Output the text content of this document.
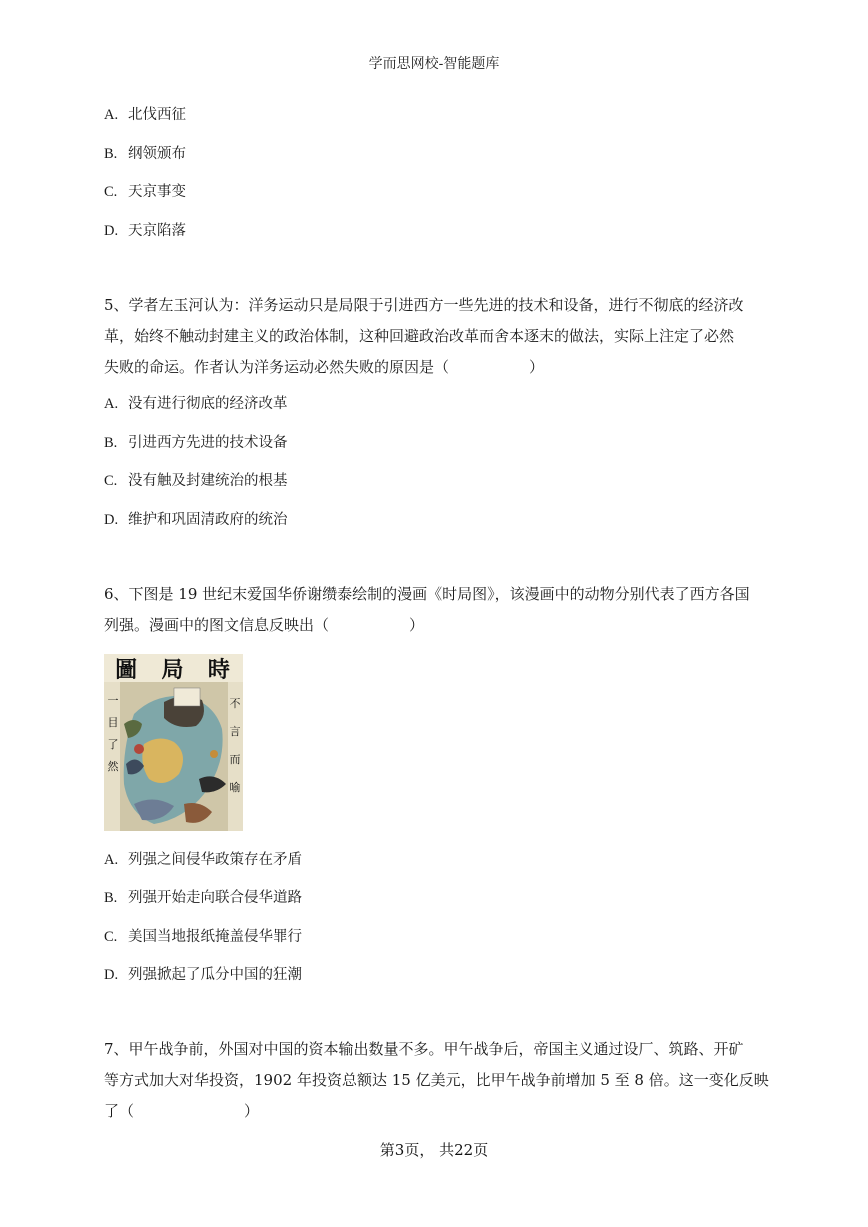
学而思网校-智能题库
A. 北伐西征
B. 纲领颁布
C. 天京事变
D. 天京陷落
5、学者左玉河认为：洋务运动只是局限于引进西方一些先进的技术和设备，进行不彻底的经济改
革，始终不触动封建主义的政治体制，这种回避政治改革而舍本逐末的做法，实际上注定了必然
失败的命运。作者认为洋务运动必然失败的原因是（	）
A. 没有进行彻底的经济改革
B. 引进西方先进的技术设备
C. 没有触及封建统治的根基
D. 维护和巩固清政府的统治
6、下图是 19 世纪末爱国华侨谢缵泰绘制的漫画《时局图》，该漫画中的动物分别代表了西方各国
列强。漫画中的图文信息反映出（	）
圖 局 時
一
目
了
然
不
言
而
喻
A. 列强之间侵华政策存在矛盾
B. 列强开始走向联合侵华道路
C. 美国当地报纸掩盖侵华罪行
D. 列强掀起了瓜分中国的狂潮
7、甲午战争前，外国对中国的资本输出数量不多。甲午战争后，帝国主义通过设厂、筑路、开矿
等方式加大对华投资，1902 年投资总额达 15 亿美元，比甲午战争前增加 5 至 8 倍。这一变化反映
了（	）
第3页， 共22页
